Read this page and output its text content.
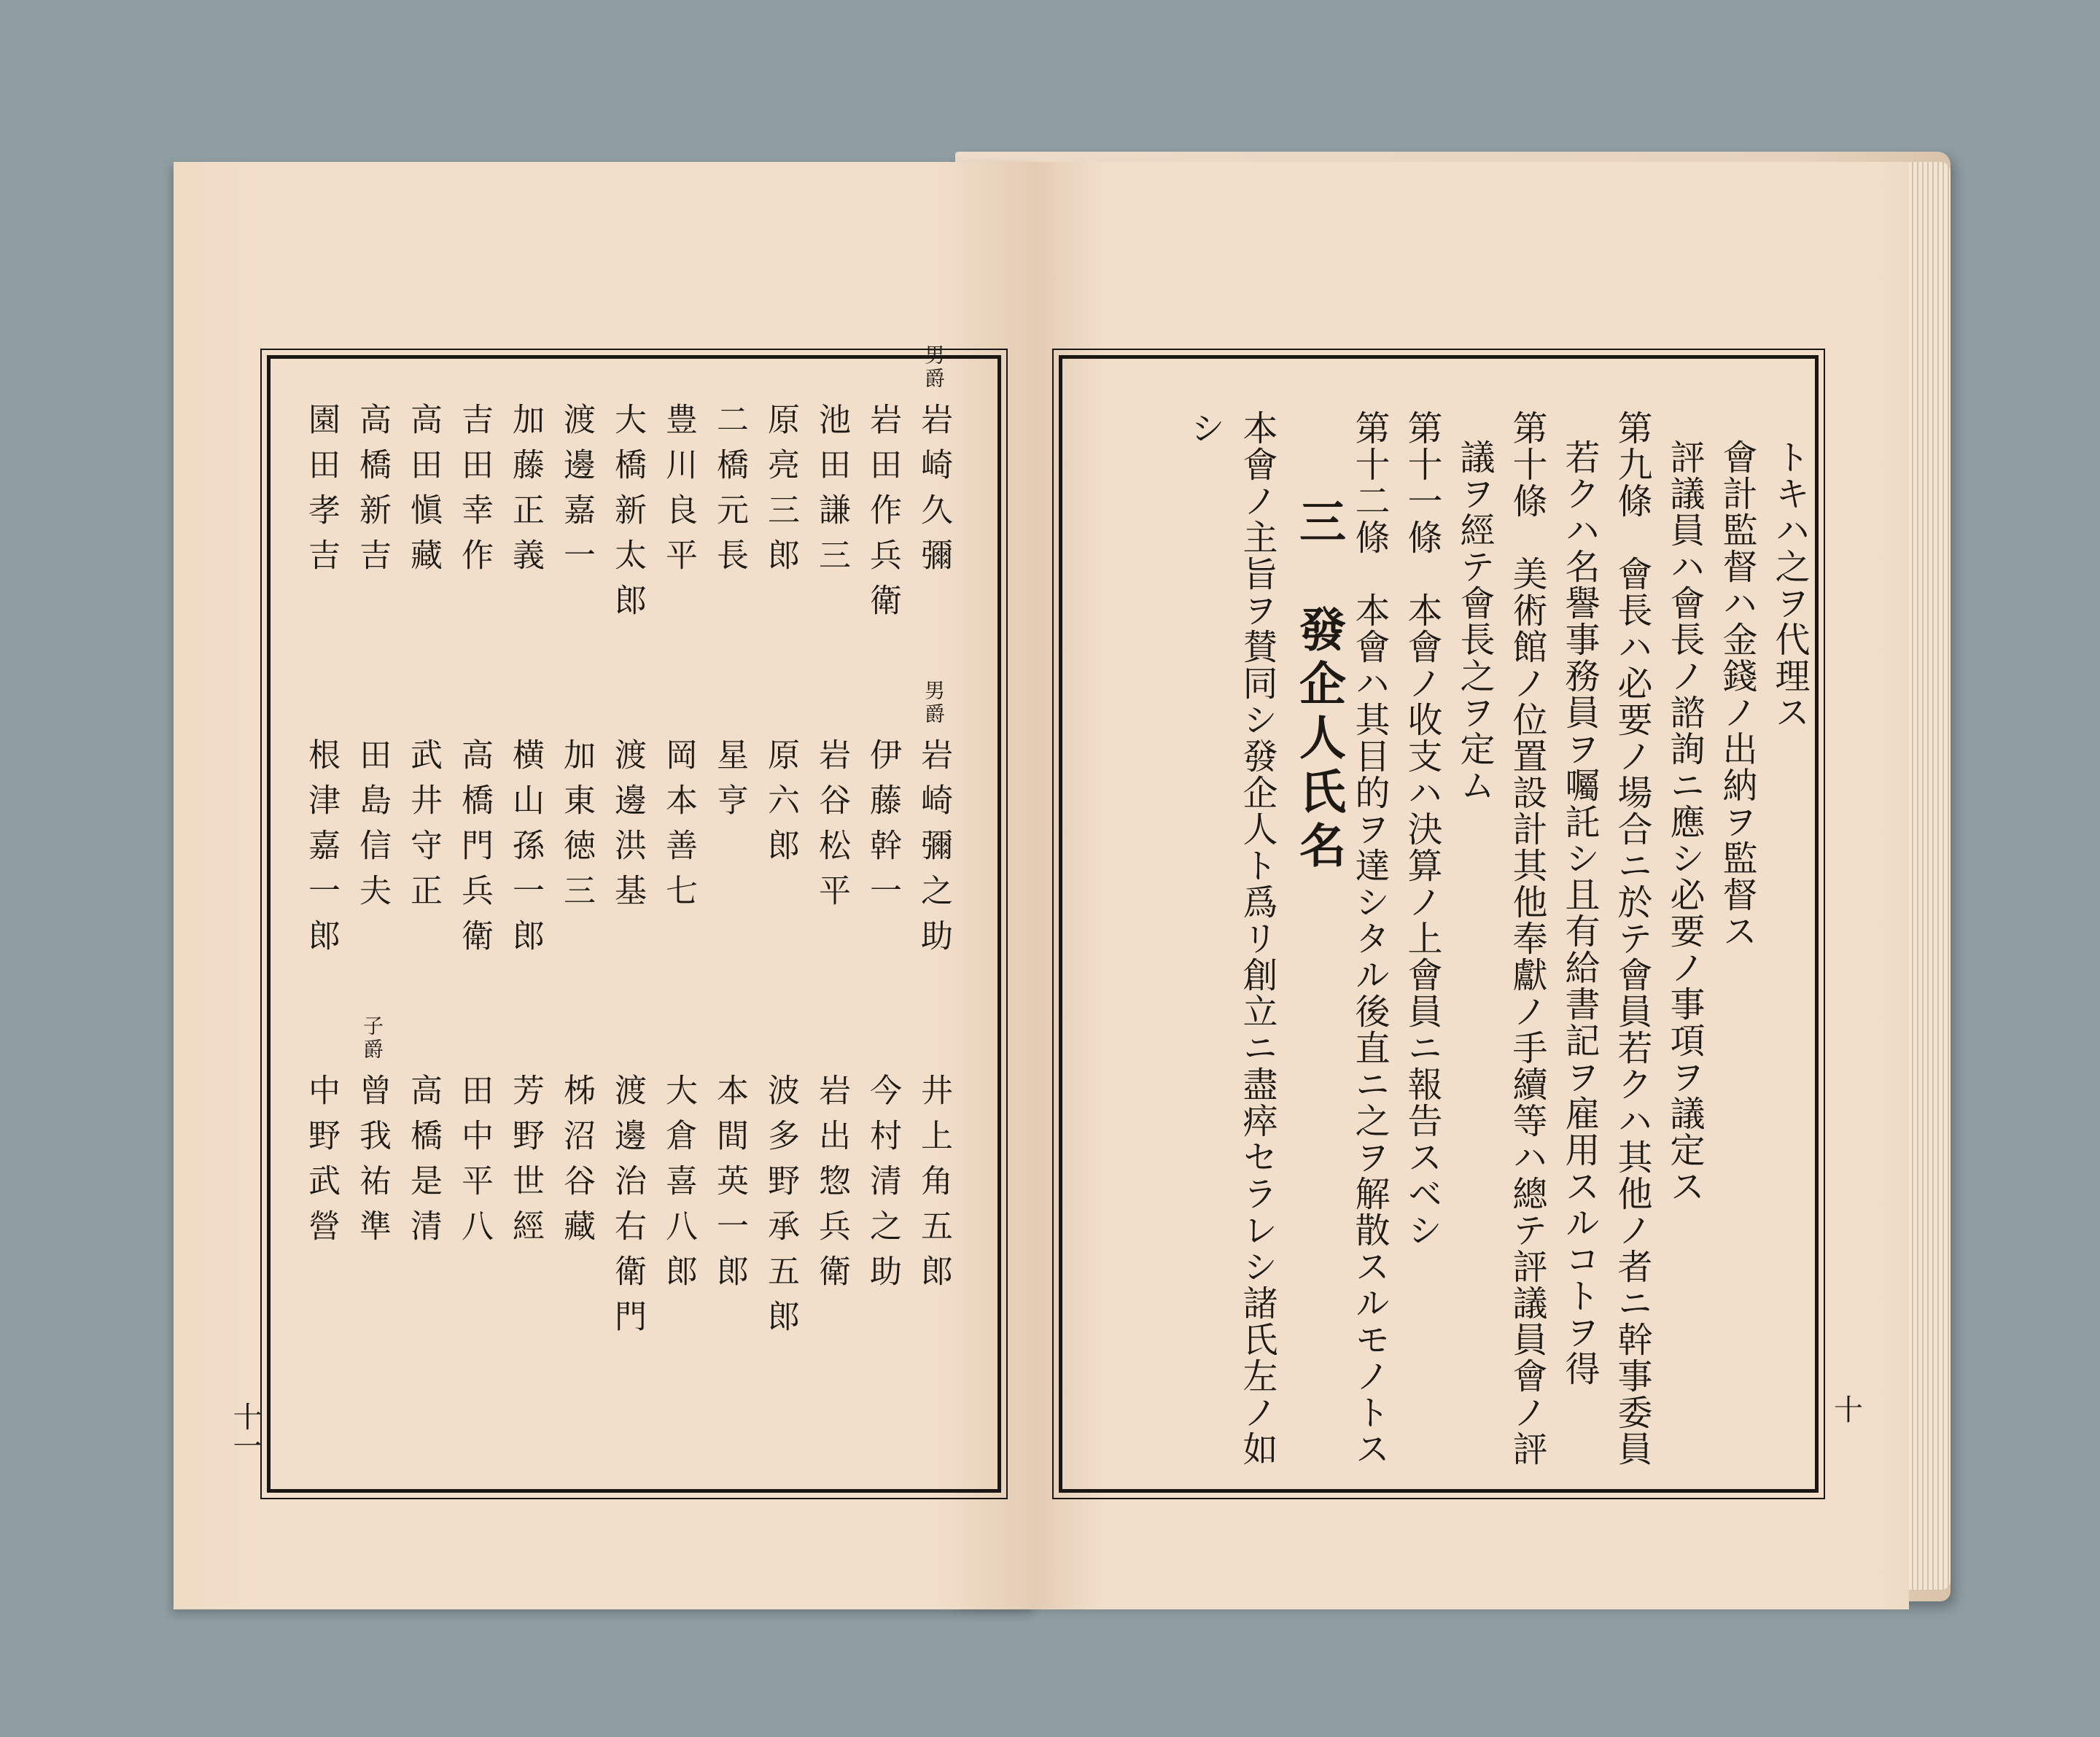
男爵
岩崎久彌
男爵
岩崎彌之助
井上角五郎
岩田作兵衛
伊藤幹一
今村清之助
池田謙三
岩谷松平
岩出惣兵衛
原亮三郎
原六郎
波多野承五郎
二橋元長
星亨
本間英一郎
豊川良平
岡本善七
大倉喜八郎
大橋新太郎
渡邊洪基
渡邊治右衛門
渡邊嘉一
加東徳三
柹沼谷藏
加藤正義
横山孫一郎
芳野世經
吉田幸作
高橋門兵衛
田中平八
高田愼藏
武井守正
高橋是清
高橋新吉
田島信夫
子爵
曾我祐準
園田孝吉
根津嘉一郎
中野武營
十一
トキハ之ヲ代理ス
會計監督ハ金錢ノ出納ヲ監督ス
評議員ハ會長ノ諮詢ニ應シ必要ノ事項ヲ議定ス
第九條　會長ハ必要ノ場合ニ於テ會員若クハ其他ノ者ニ幹事委員
若クハ名譽事務員ヲ囑託シ且有給書記ヲ雇用スルコトヲ得
第十條　美術館ノ位置設計其他奉獻ノ手續等ハ總テ評議員會ノ評
議ヲ經テ會長之ヲ定ム
第十一條　本會ノ收支ハ決算ノ上會員ニ報告スベシ
第十二條　本會ハ其目的ヲ達シタル後直ニ之ヲ解散スルモノトス
三　發企人氏名
本會ノ主旨ヲ賛同シ發企人ト爲リ創立ニ盡瘁セラレシ諸氏左ノ如
シ
十
